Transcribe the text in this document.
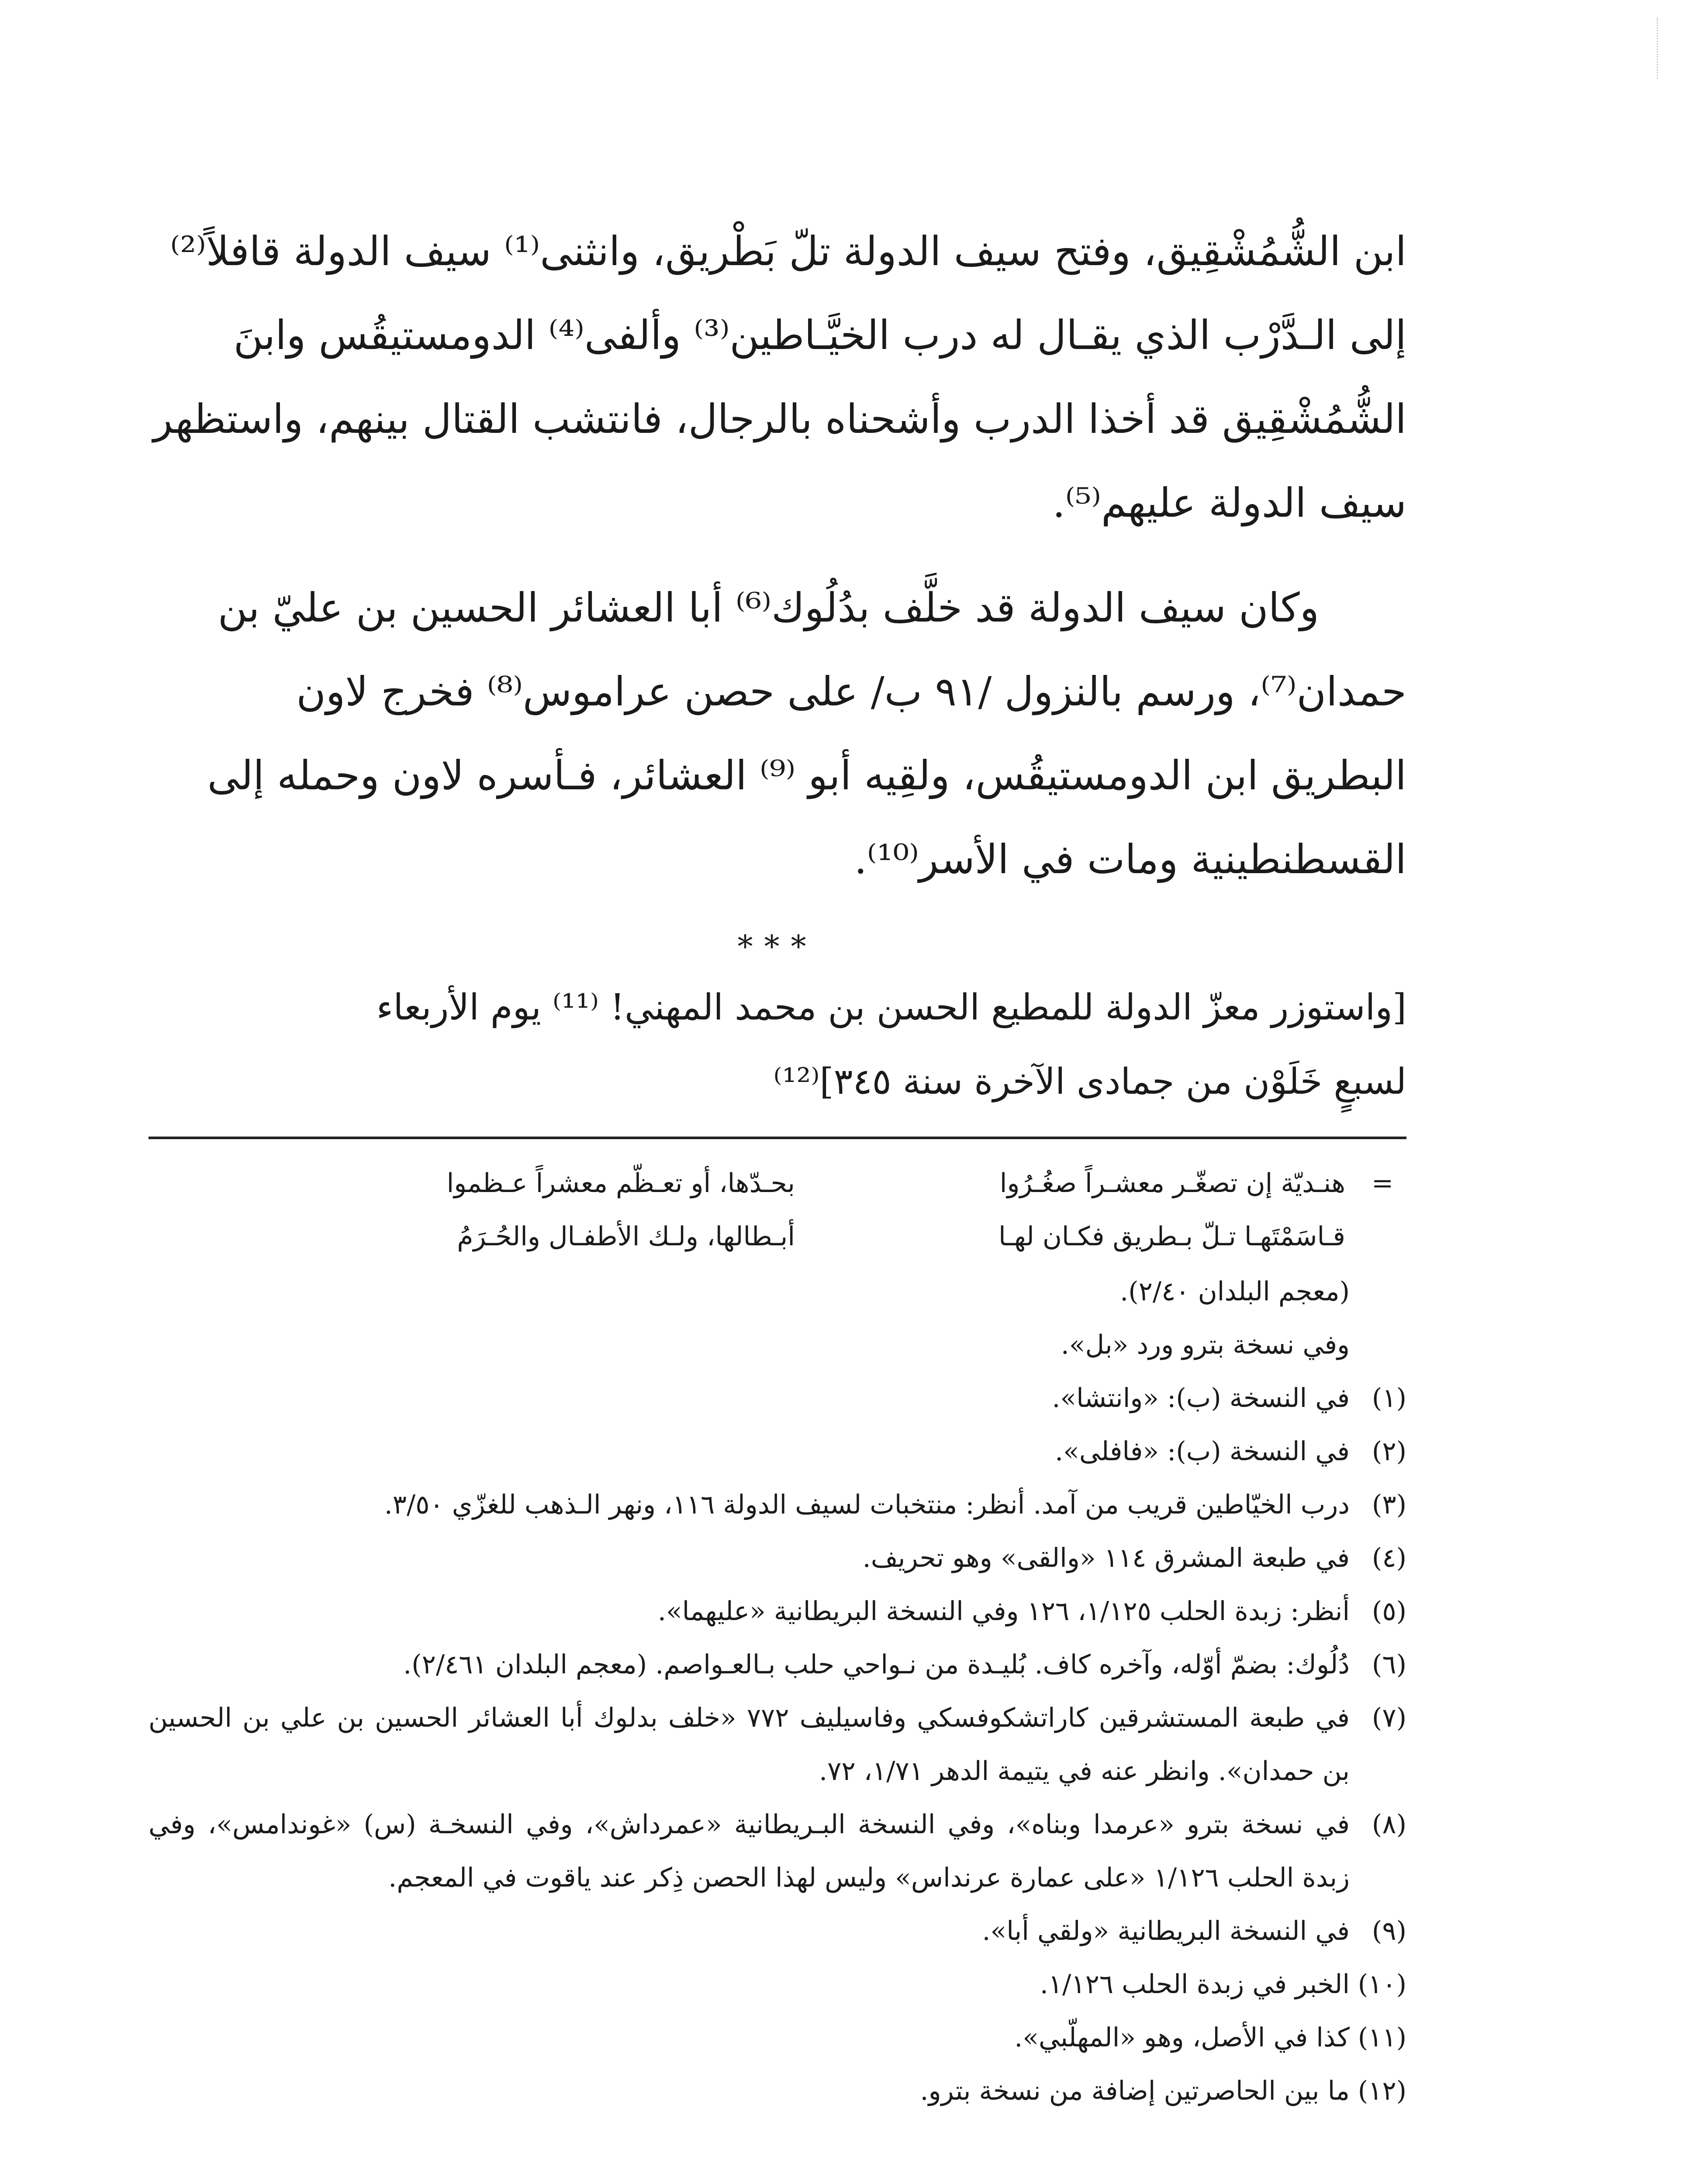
ابن الشُّمُشْقِيق، وفتح سيف الدولة تلّ بَطْريق، وانثنى⁽¹⁾ سيف الدولة قافلاً⁽²⁾

إلى الـدَّرْب الذي يقـال له درب الخيَّـاطين⁽³⁾ وألفى⁽⁴⁾ الدومستيقُس وابنَ

الشُّمُشْقِيق قد أخذا الدرب وأشحناه بالرجال، فانتشب القتال بينهم، واستظهر

سيف الدولة عليهم⁽⁵⁾.

وكان سيف الدولة قد خلَّف بدُلُوك⁽⁶⁾ أبا العشائر الحسين بن عليّ بن

حمدان⁽⁷⁾، ورسم بالنزول /٩١ ب/ على حصن عراموس⁽⁸⁾ فخرج لاون

البطريق ابن الدومستيقُس، ولقِيه أبو ⁽⁹⁾ العشائر، فـأسره لاون وحمله إلى

القسطنطينية ومات في الأسر⁽¹⁰⁾.

***

[واستوزر معزّ الدولة للمطيع الحسن بن محمد المهني! ⁽¹¹⁾ يوم الأربعاء

لسبعٍ خَلَوْن من جمادى الآخرة سنة ٣٤٥]⁽¹²⁾

=
هنـديّة إن تصغّـر معشـراً صغُـرُوا
بحـدّها، أو تعـظّم معشراً عـظموا
قـاسَمْتَهـا تـلّ بـطريق فكـان لهـا
أبـطالها، ولـك الأطفـال والحُـرَمُ
(معجم البلدان ٢/٤٠).
وفي نسخة بترو ورد «بل».
(١)
في النسخة (ب): «وانتشا».
(٢)
في النسخة (ب): «فافلى».
(٣)
درب الخيّاطين قريب من آمد. أنظر: منتخبات لسيف الدولة ١١٦، ونهر الـذهب للغزّي ٣/٥٠.
(٤)
في طبعة المشرق ١١٤ «والقى» وهو تحريف.
(٥)
أنظر: زبدة الحلب ١/١٢٥، ١٢٦ وفي النسخة البريطانية «عليهما».
(٦)
دُلُوك: بضمّ أوّله، وآخره كاف. بُليـدة من نـواحي حلب بـالعـواصم. (معجم البلدان ٢/٤٦١).
(٧)
في طبعة المستشرقين كاراتشكوفسكي وفاسيليف ٧٧٢ «خلف بدلوك أبا العشائر الحسين بن علي بن الحسين بن حمدان». وانظر عنه في يتيمة الدهر ١/٧١، ٧٢.
(٨)
في نسخة بترو «عرمدا وبناه»، وفي النسخة البـريطانية «عمرداش»، وفي النسخـة (س) «غوندامس»، وفي زبدة الحلب ١/١٢٦ «على عمارة عرنداس» وليس لهذا الحصن ذِكر عند ياقوت في المعجم.
(٩)
في النسخة البريطانية «ولقي أبا».
(١٠)
الخبر في زبدة الحلب ١/١٢٦.
(١١)
كذا في الأصل، وهو «المهلّبي».
(١٢)
ما بين الحاصرتين إضافة من نسخة بترو.
